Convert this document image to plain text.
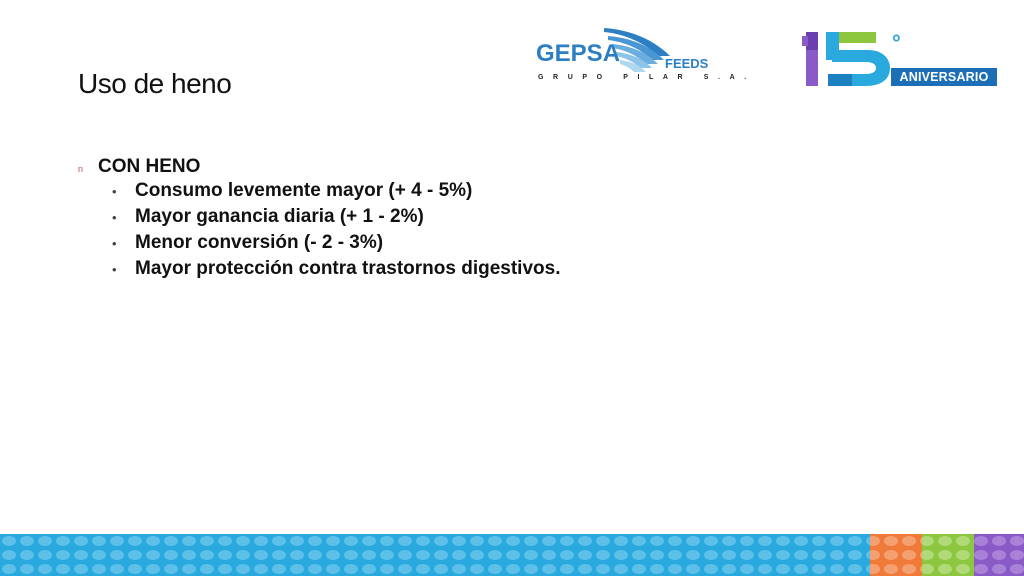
Uso de heno
GEPSA	FEEDS
GRUPO PILAR S.A.
°
ANIVERSARIO
n CON HENO
• Consumo levemente mayor (+ 4 - 5%)
• Mayor ganancia diaria (+ 1 - 2%)
• Menor conversión (- 2 - 3%)
• Mayor protección contra trastornos digestivos.
